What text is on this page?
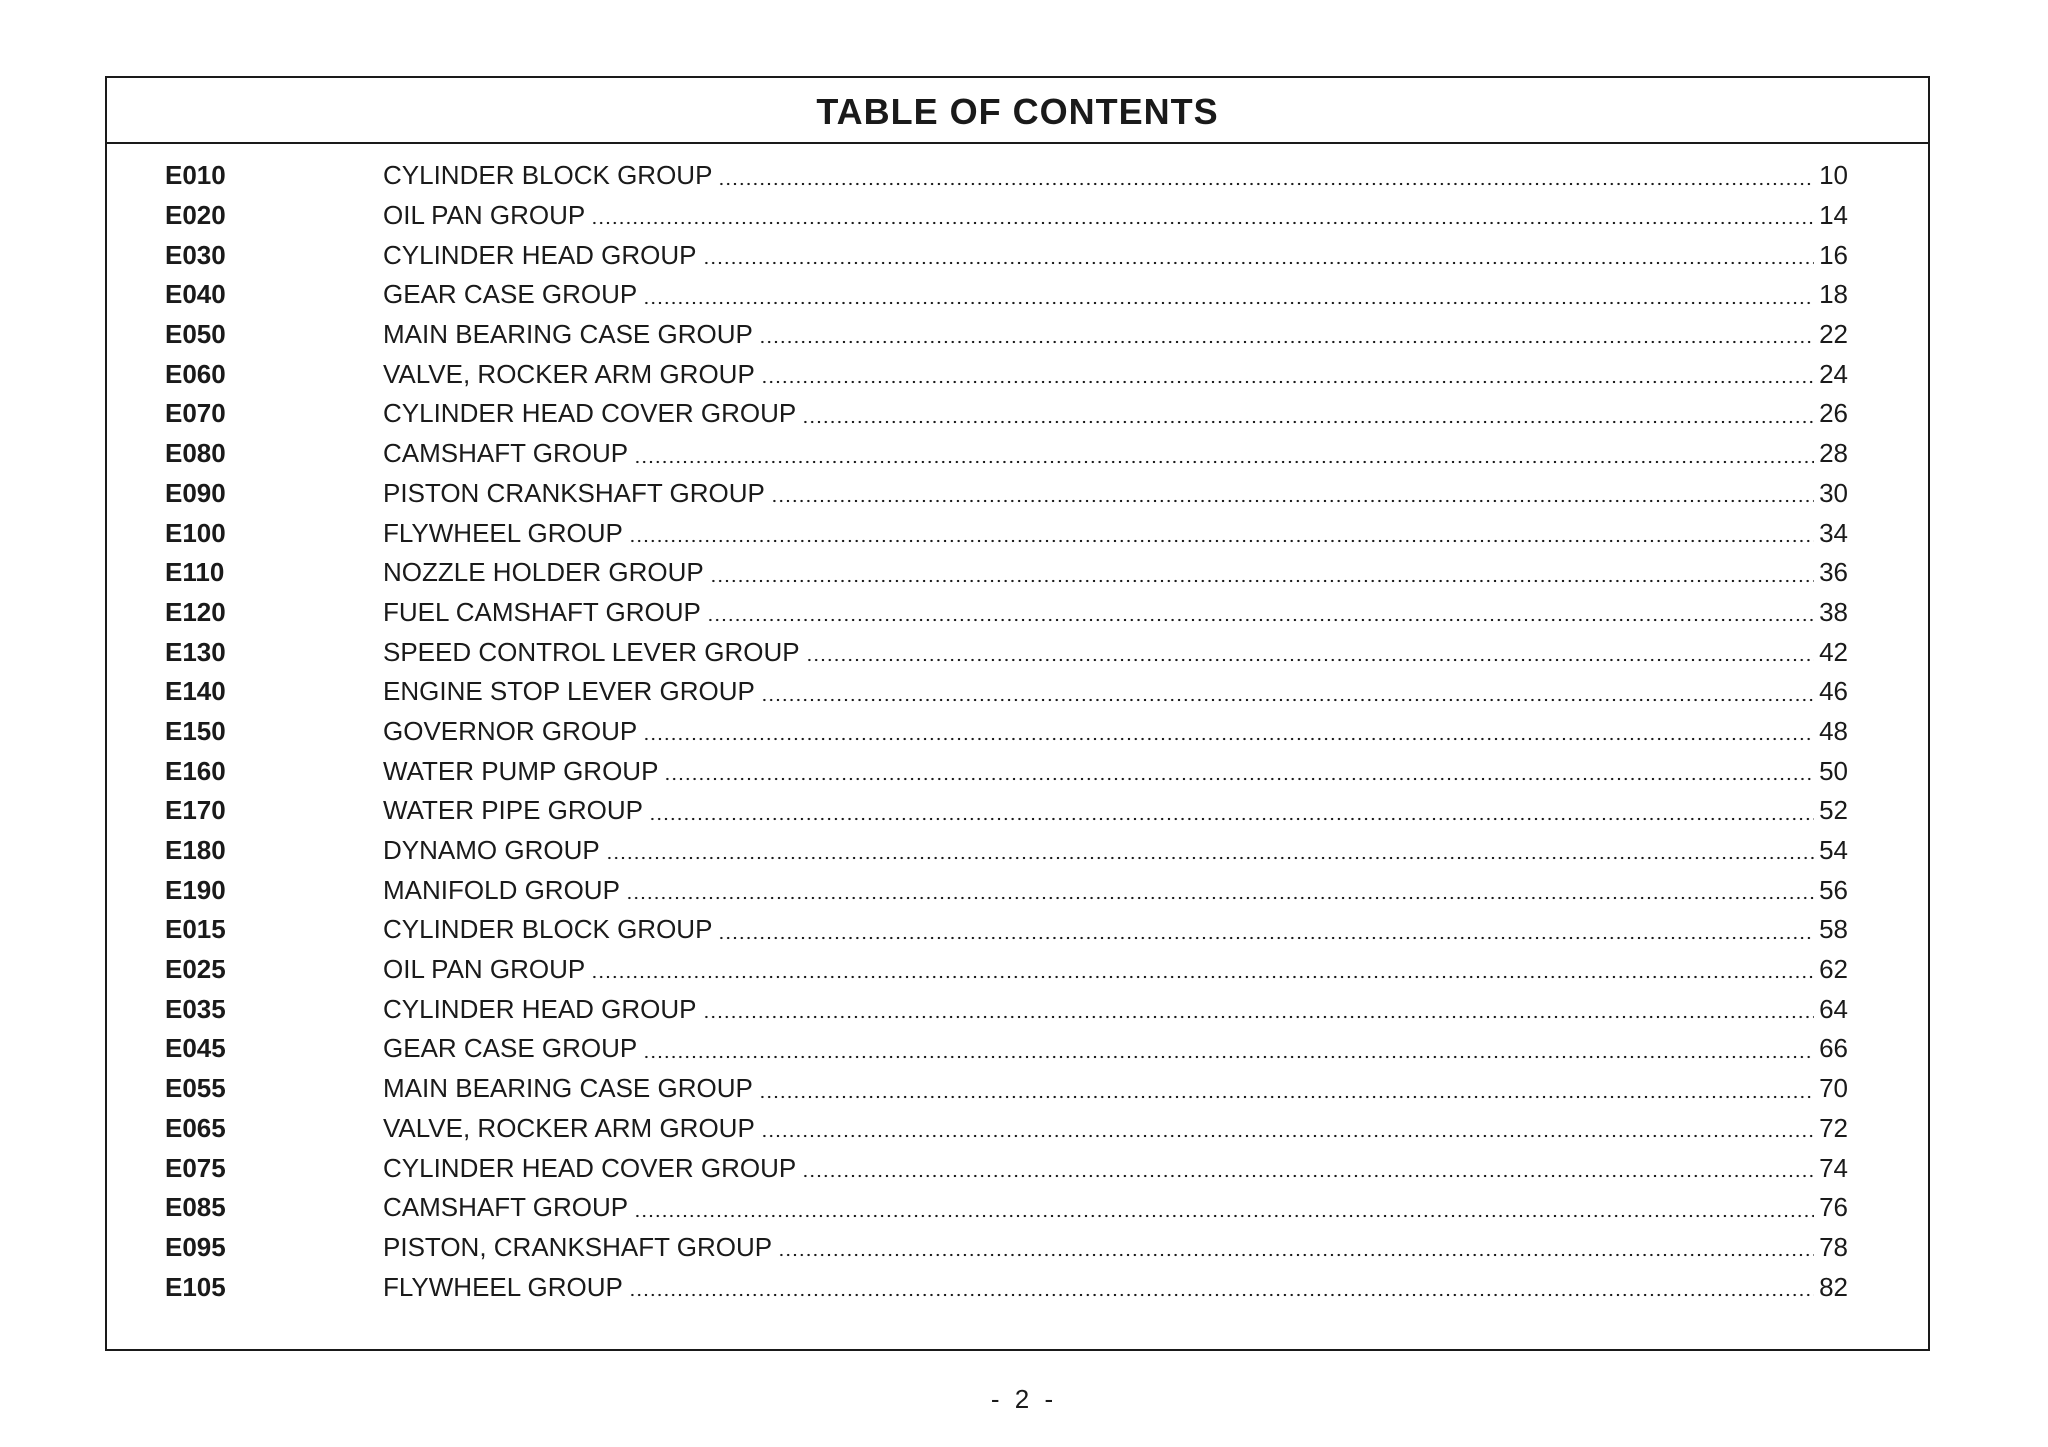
TABLE OF CONTENTS
E010	CYLINDER BLOCK GROUP	10
E020	OIL PAN GROUP	14
E030	CYLINDER HEAD GROUP	16
E040	GEAR CASE GROUP	18
E050	MAIN BEARING CASE GROUP	22
E060	VALVE, ROCKER ARM GROUP	24
E070	CYLINDER HEAD COVER GROUP	26
E080	CAMSHAFT GROUP	28
E090	PISTON CRANKSHAFT GROUP	30
E100	FLYWHEEL GROUP	34
E110	NOZZLE HOLDER GROUP	36
E120	FUEL CAMSHAFT GROUP	38
E130	SPEED CONTROL LEVER GROUP	42
E140	ENGINE STOP LEVER GROUP	46
E150	GOVERNOR GROUP	48
E160	WATER PUMP GROUP	50
E170	WATER PIPE GROUP	52
E180	DYNAMO GROUP	54
E190	MANIFOLD GROUP	56
E015	CYLINDER BLOCK GROUP	58
E025	OIL PAN GROUP	62
E035	CYLINDER HEAD GROUP	64
E045	GEAR CASE GROUP	66
E055	MAIN BEARING CASE GROUP	70
E065	VALVE, ROCKER ARM GROUP	72
E075	CYLINDER HEAD COVER GROUP	74
E085	CAMSHAFT GROUP	76
E095	PISTON, CRANKSHAFT GROUP	78
E105	FLYWHEEL GROUP	82
- 2 -
